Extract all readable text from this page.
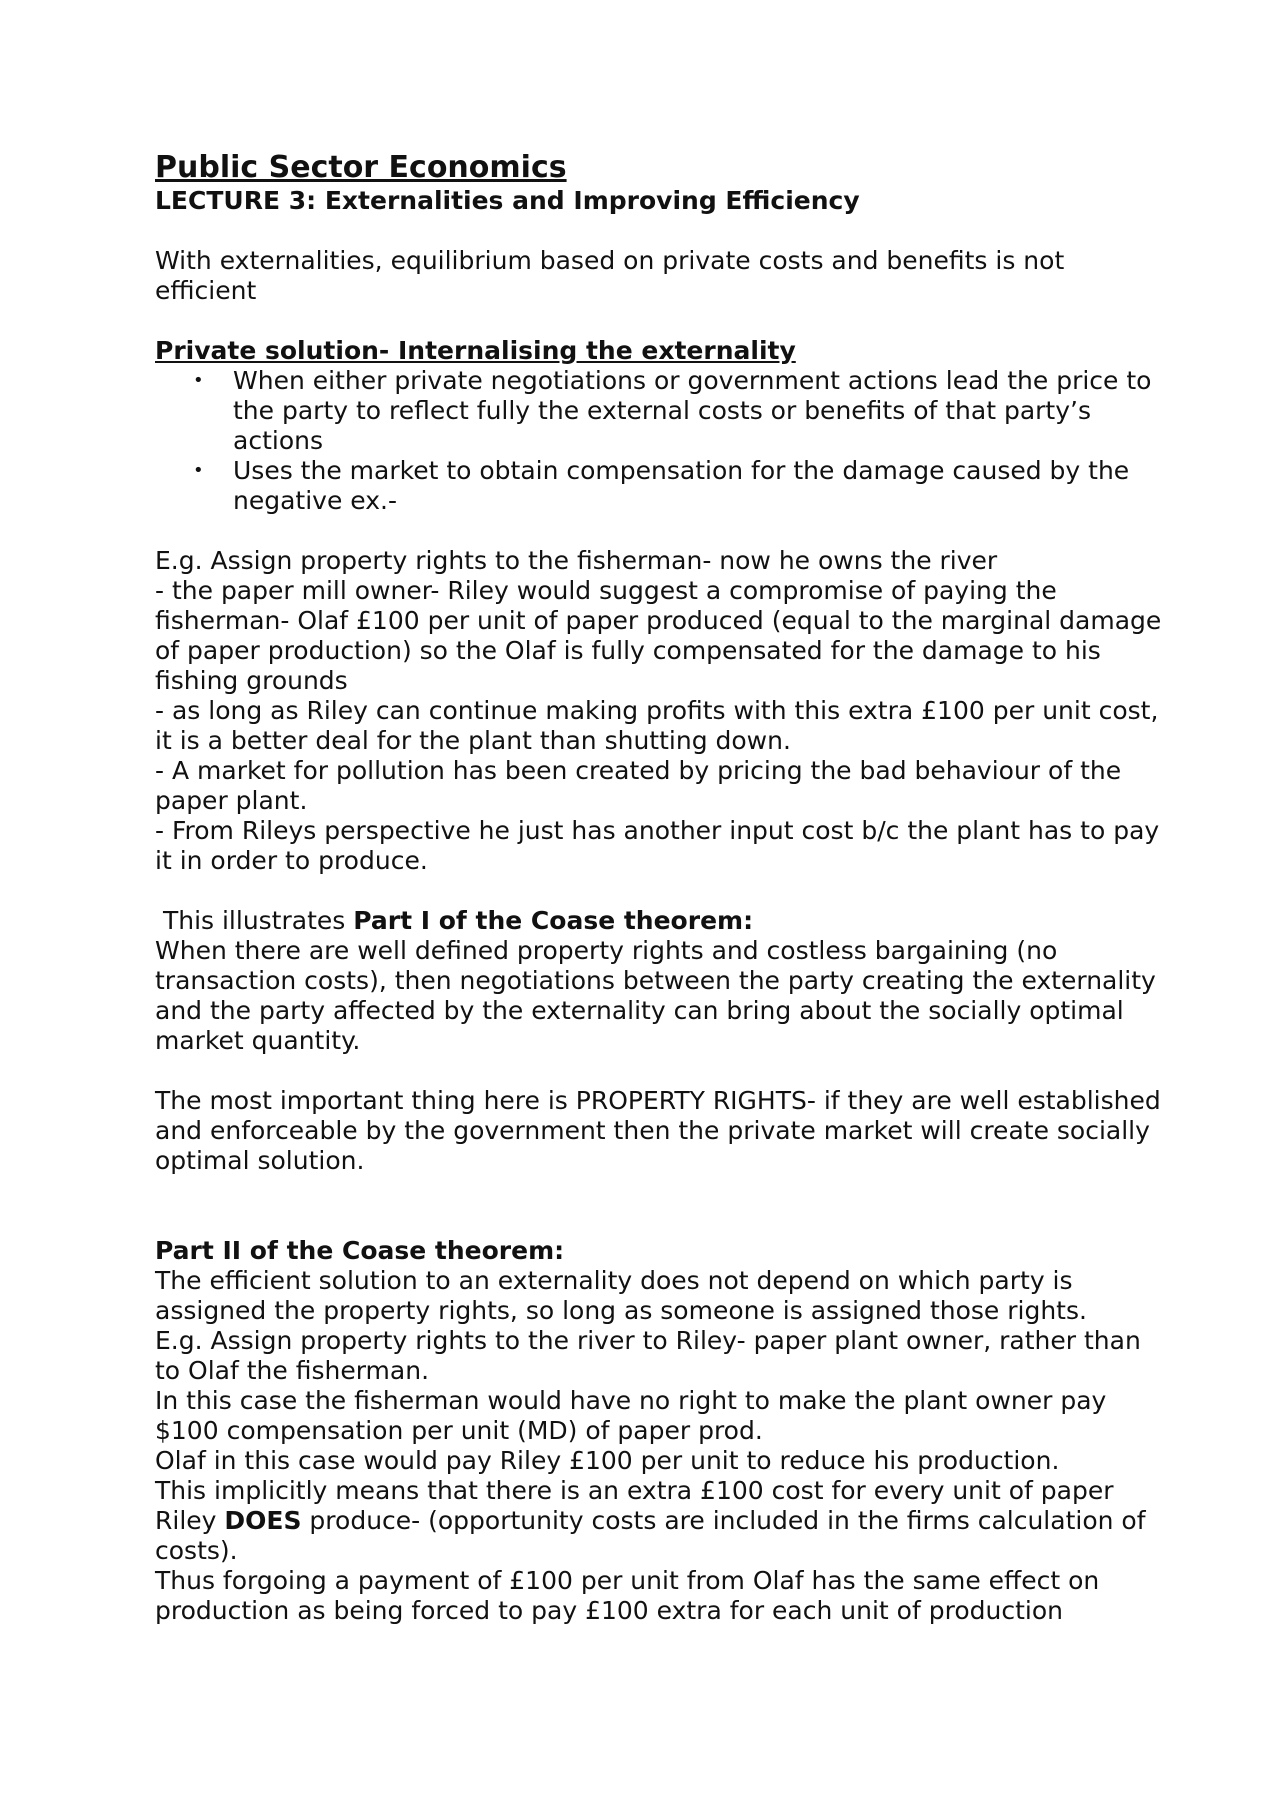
Public Sector Economics
LECTURE 3: Externalities and Improving Efficiency

With externalities, equilibrium based on private costs and benefits is not efficient

Private solution- Internalising the externality
• When either private negotiations or government actions lead the price to the party to reflect fully the external costs or benefits of that party’s actions
• Uses the market to obtain compensation for the damage caused by the negative ex.-

E.g. Assign property rights to the fisherman- now he owns the river

- the paper mill owner- Riley would suggest a compromise of paying the fisherman- Olaf £100 per unit of paper produced (equal to the marginal damage of paper production) so the Olaf is fully compensated for the damage to his fishing grounds

- as long as Riley can continue making profits with this extra £100 per unit cost, it is a better deal for the plant than shutting down.

- A market for pollution has been created by pricing the bad behaviour of the paper plant.

- From Rileys perspective he just has another input cost b/c the plant has to pay it in order to produce.

This illustrates Part I of the Coase theorem:

When there are well defined property rights and costless bargaining (no transaction costs), then negotiations between the party creating the externality and the party affected by the externality can bring about the socially optimal market quantity.

The most important thing here is PROPERTY RIGHTS- if they are well established and enforceable by the government then the private market will create socially optimal solution.

Part II of the Coase theorem:

The efficient solution to an externality does not depend on which party is assigned the property rights, so long as someone is assigned those rights.

E.g. Assign property rights to the river to Riley- paper plant owner, rather than to Olaf the fisherman.

In this case the fisherman would have no right to make the plant owner pay $100 compensation per unit (MD) of paper prod.

Olaf in this case would pay Riley £100 per unit to reduce his production.

This implicitly means that there is an extra £100 cost for every unit of paper Riley DOES produce- (opportunity costs are included in the firms calculation of costs).

Thus forgoing a payment of £100 per unit from Olaf has the same effect on production as being forced to pay £100 extra for each unit of production
